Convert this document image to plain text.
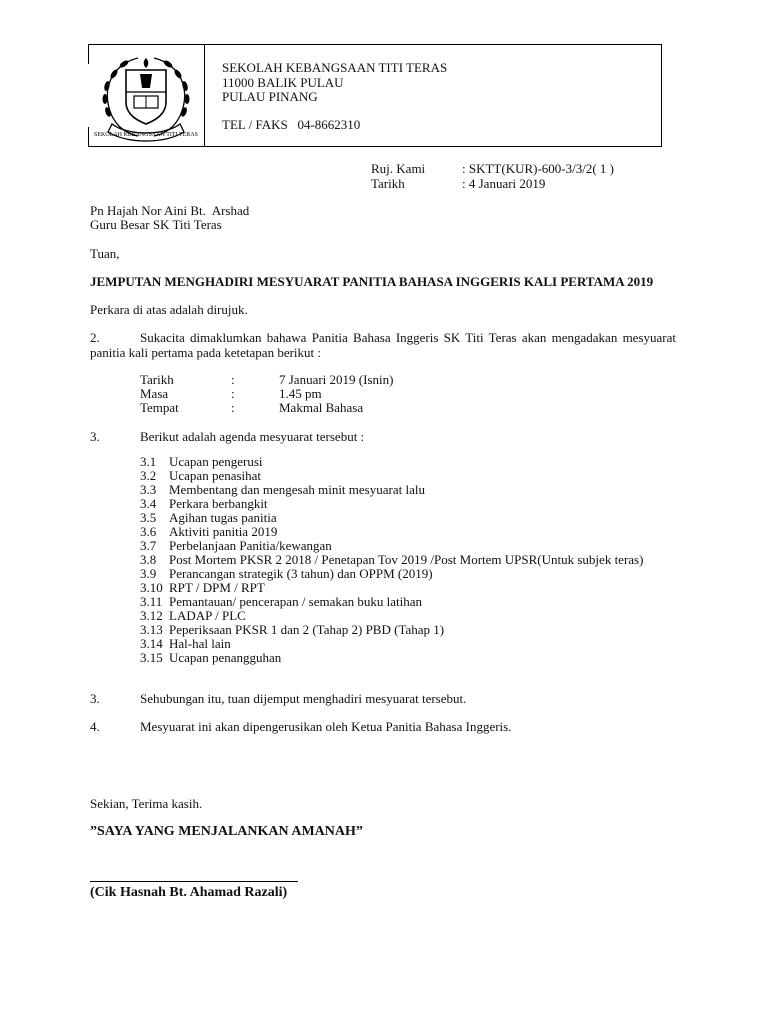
SEKOLAH KEBANGSAAN TITI TERAS
SEKOLAH KEBANGSAAN TITI TERAS
11000 BALIK PULAU
PULAU PINANG
TEL / FAKS   04-8662310
Ruj. Kami	: SKTT(KUR)-600-3/3/2( 1 )
Tarikh	: 4 Januari 2019
Pn Hajah Nor Aini Bt.  Arshad
Guru Besar SK Titi Teras
Tuan,
JEMPUTAN MENGHADIRI MESYUARAT PANITIA BAHASA INGGERIS KALI PERTAMA 2019
Perkara di atas adalah dirujuk.
2.	Sukacita dimaklumkan bahawa Panitia Bahasa Inggeris SK Titi Teras akan mengadakan mesyuarat
panitia kali pertama pada ketetapan berikut :
Tarikh	:	7 Januari 2019 (Isnin)
Masa	:	1.45 pm
Tempat	:	Makmal Bahasa
3.	Berikut adalah agenda mesyuarat tersebut :
3.1 Ucapan pengerusi
3.2 Ucapan penasihat
3.3 Membentang dan mengesah minit mesyuarat lalu
3.4 Perkara berbangkit
3.5 Agihan tugas panitia
3.6 Aktiviti panitia 2019
3.7 Perbelanjaan Panitia/kewangan
3.8 Post Mortem PKSR 2 2018 / Penetapan Tov 2019 /Post Mortem UPSR(Untuk subjek teras)
3.9 Perancangan strategik (3 tahun) dan OPPM (2019)
3.10 RPT / DPM / RPT
3.11 Pemantauan/ pencerapan / semakan buku latihan
3.12 LADAP / PLC
3.13 Peperiksaan PKSR 1 dan 2 (Tahap 2) PBD (Tahap 1)
3.14 Hal-hal lain
3.15 Ucapan penangguhan
3.	Sehubungan itu, tuan dijemput menghadiri mesyuarat tersebut.
4.	Mesyuarat ini akan dipengerusikan oleh Ketua Panitia Bahasa Inggeris.
Sekian, Terima kasih.
”SAYA YANG MENJALANKAN AMANAH”
(Cik Hasnah Bt. Ahamad Razali)
